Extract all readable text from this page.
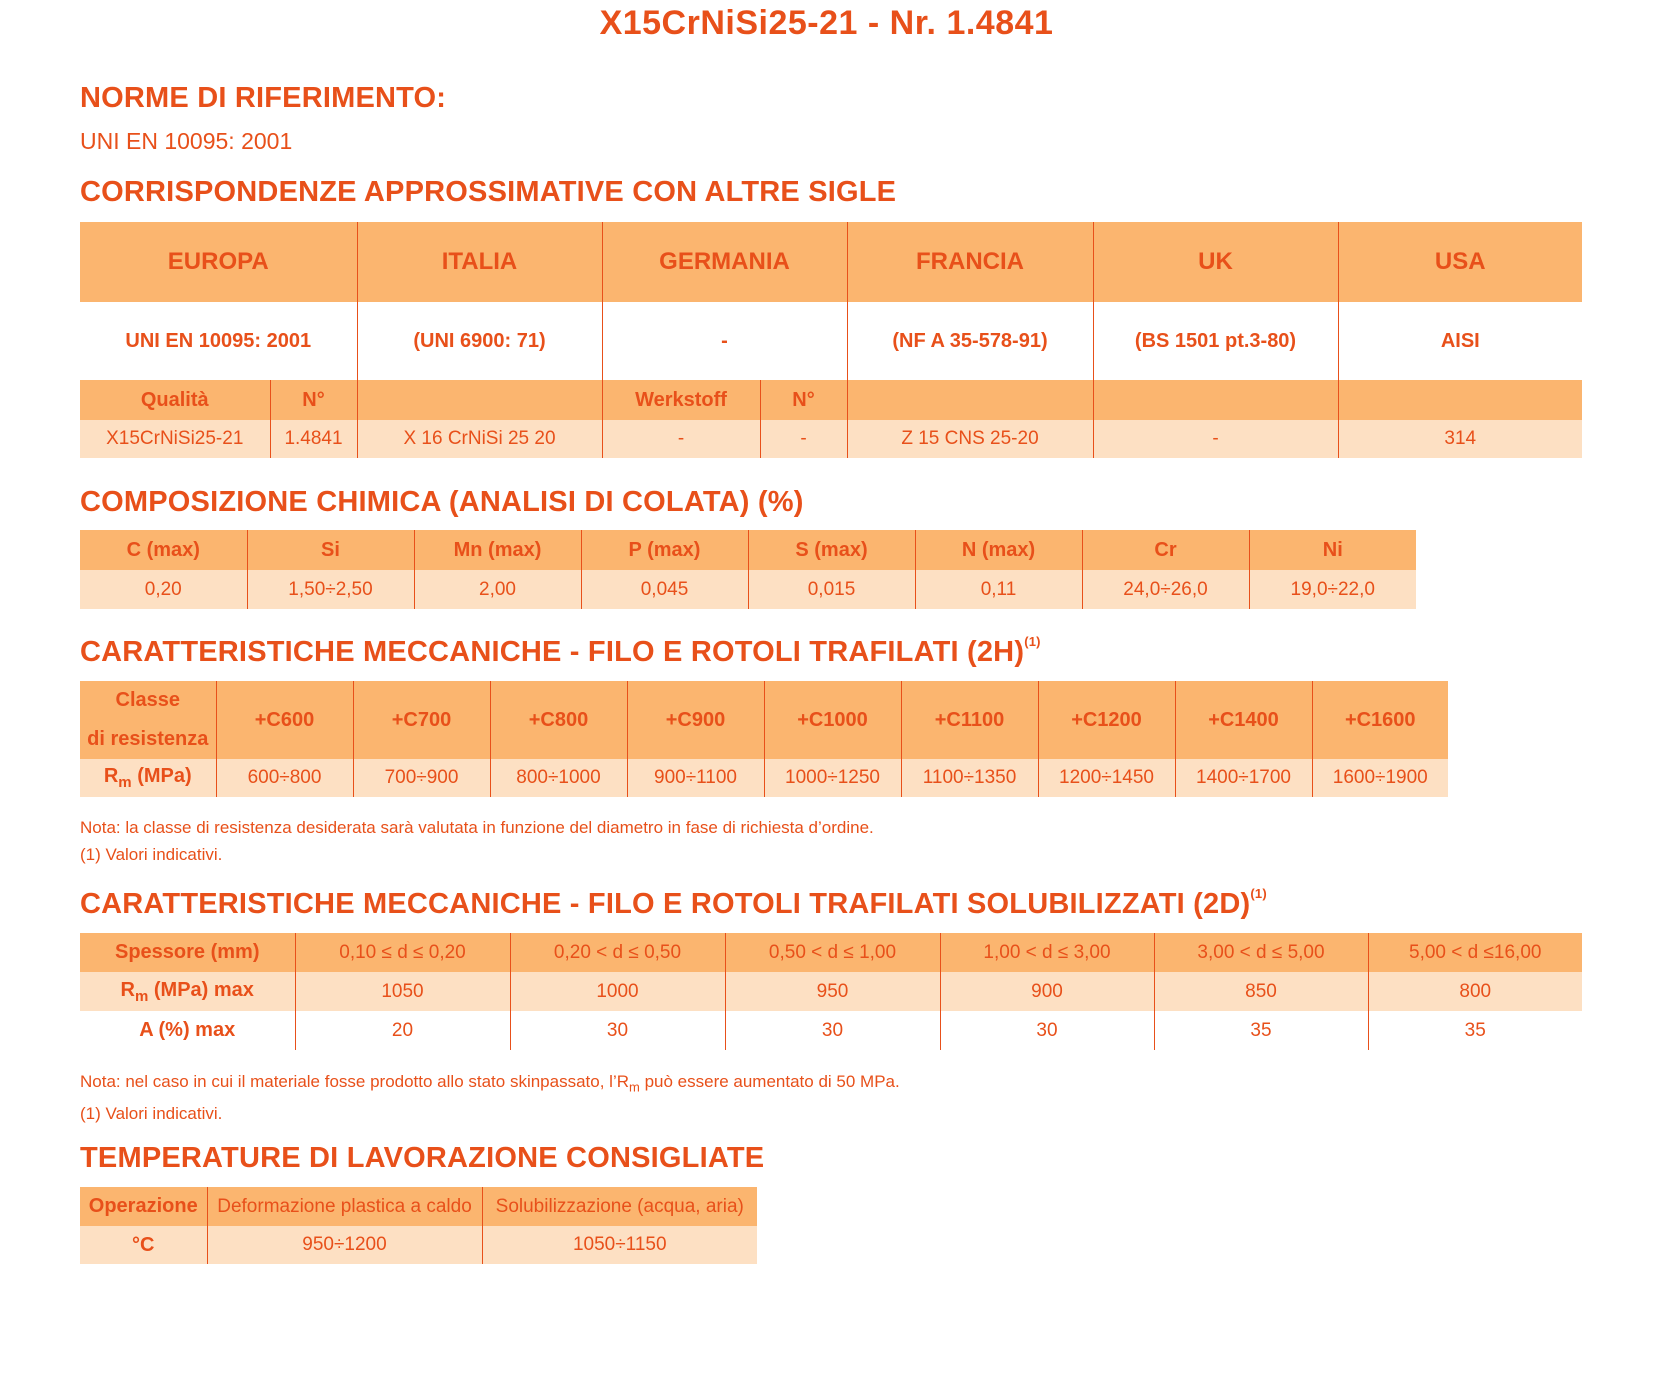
X15CrNiSi25-21 - Nr. 1.4841
NORME DI RIFERIMENTO:
UNI EN 10095: 2001
CORRISPONDENZE APPROSSIMATIVE CON ALTRE SIGLE
EUROPA		ITALIA	GERMANIA		FRANCIA	UK	USA
UNI EN 10095: 2001		(UNI 6900: 71)	-		(NF A 35-578-91)	(BS 1501 pt.3-80)	AISI
Qualità	N°		Werkstoff	N°			
X15CrNiSi25-21	1.4841	X 16 CrNiSi 25 20	-	-	Z 15 CNS 25-20	-	314
COMPOSIZIONE CHIMICA (ANALISI DI COLATA) (%)
C (max)	Si	Mn (max)	P (max)	S (max)	N (max)	Cr	Ni
0,20	1,50÷2,50	2,00	0,045	0,015	0,11	24,0÷26,0	19,0÷22,0
CARATTERISTICHE MECCANICHE - FILO E ROTOLI TRAFILATI $(2H)^{(1)}$
Classe
di resistenza	+C600	+C700	+C800	+C900	+C1000	+C1100	+C1200	+C1400	+C1600
$R_m$ (MPa)	600÷800	700÷900	800÷1000	900÷1100	1000÷1250	1100÷1350	1200÷1450	1400÷1700	1600÷1900
Nota: la classe di resistenza desiderata sarà valutata in funzione del diametro in fase di richiesta d’ordine.
(1) Valori indicativi.
CARATTERISTICHE MECCANICHE - FILO E ROTOLI TRAFILATI SOLUBILIZZATI $(2D)^{(1)}$
Spessore (mm)	0,10 ≤ d ≤ 0,20	0,20 < d ≤ 0,50	0,50 < d ≤ 1,00	1,00 < d ≤ 3,00	3,00 < d ≤ 5,00	5,00 < d ≤16,00
$R_m$ (MPa) max	1050	1000	950	900	850	800
A (%) max	20	30	30	30	35	35
Nota: nel caso in cui il materiale fosse prodotto allo stato skinpassato, $l’R_m$ può essere aumentato di 50 MPa.
(1) Valori indicativi.
TEMPERATURE DI LAVORAZIONE CONSIGLIATE
Operazione	Deformazione plastica a caldo	Solubilizzazione (acqua, aria)
°C	950÷1200	1050÷1150
